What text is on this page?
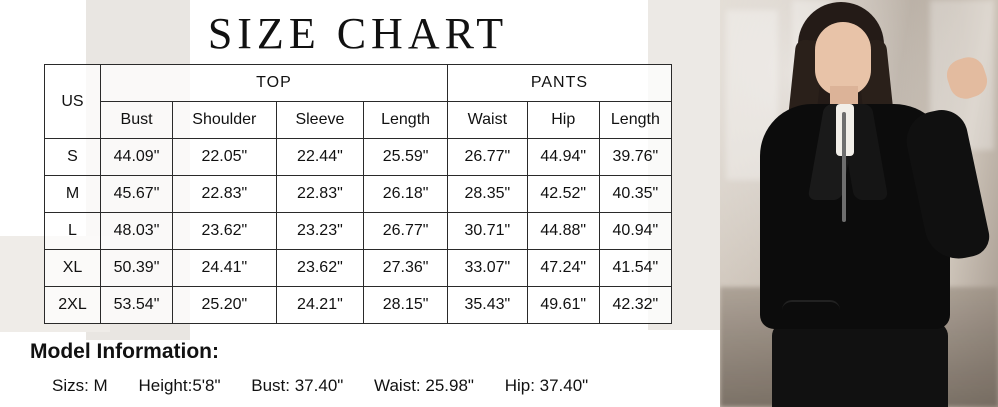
SIZE CHART
US	TOP				PANTS		
	Bust	Shoulder	Sleeve	Length	Waist	Hip	Length
S	44.09"	22.05"	22.44"	25.59"	26.77"	44.94"	39.76"
M	45.67"	22.83"	22.83"	26.18"	28.35"	42.52"	40.35"
L	48.03"	23.62"	23.23"	26.77"	30.71"	44.88"	40.94"
XL	50.39"	24.41"	23.62"	27.36"	33.07"	47.24"	41.54"
2XL	53.54"	25.20"	24.21"	28.15"	35.43"	49.61"	42.32"
Model Information:
Sizs: M Height:5'8" Bust: 37.40" Waist: 25.98" Hip: 37.40"
